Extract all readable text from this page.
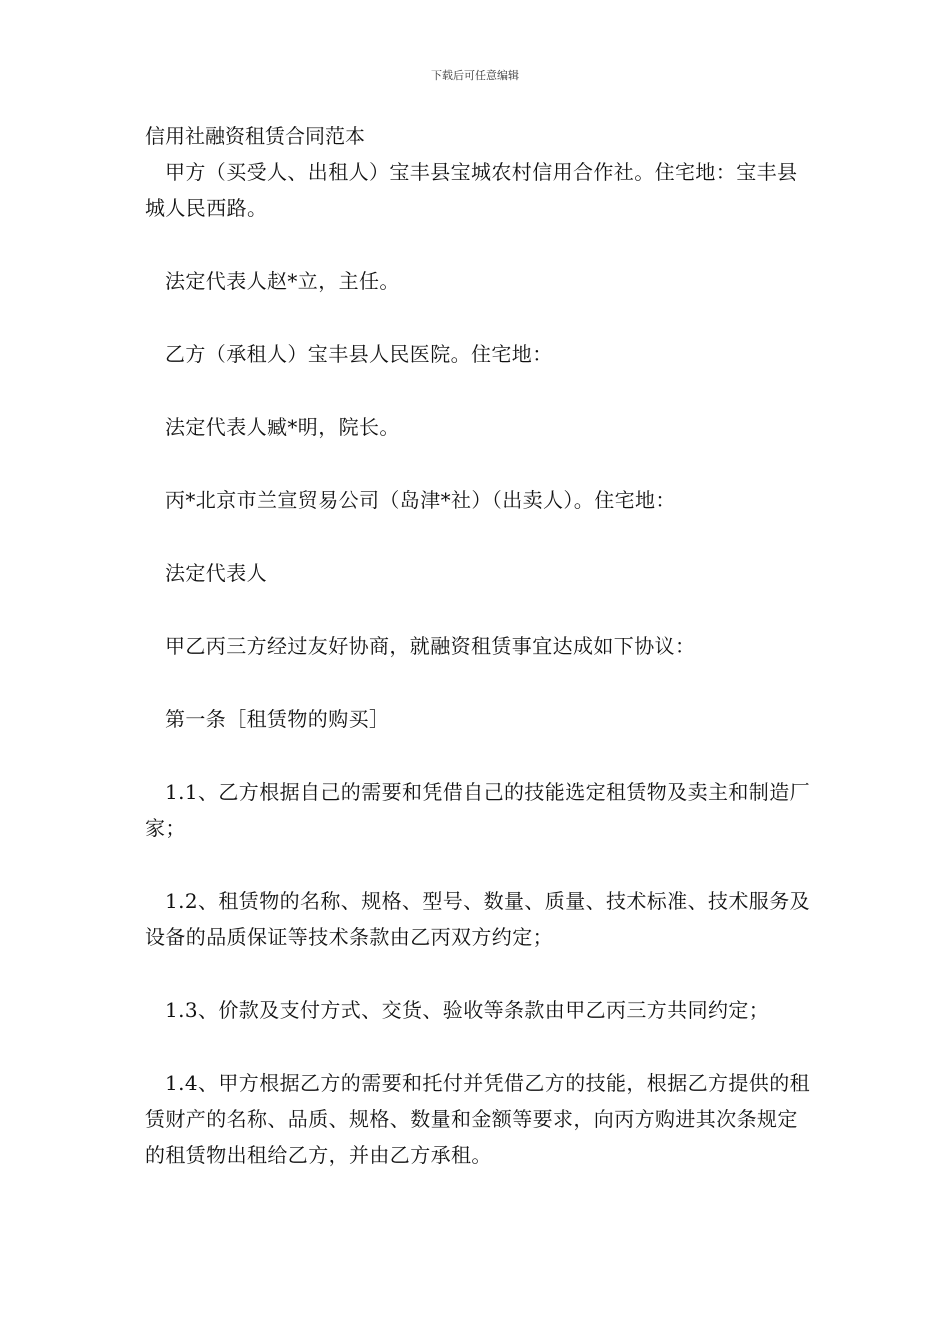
下载后可任意编辑

信用社融资租赁合同范本

甲方（买受人、出租人）宝丰县宝城农村信用合作社。住宅地：宝丰县城人民西路。

法定代表人赵*立，主任。

乙方（承租人）宝丰县人民医院。住宅地：

法定代表人臧*明，院长。

丙*北京市兰宣贸易公司（岛津*社）（出卖人）。住宅地：

法定代表人

甲乙丙三方经过友好协商，就融资租赁事宜达成如下协议：

第一条［租赁物的购买］

1.1、乙方根据自己的需要和凭借自己的技能选定租赁物及卖主和制造厂家；

1.2、租赁物的名称、规格、型号、数量、质量、技术标准、技术服务及设备的品质保证等技术条款由乙丙双方约定；

1.3、价款及支付方式、交货、验收等条款由甲乙丙三方共同约定；

1.4、甲方根据乙方的需要和托付并凭借乙方的技能，根据乙方提供的租赁财产的名称、品质、规格、数量和金额等要求，向丙方购进其次条规定的租赁物出租给乙方，并由乙方承租。
